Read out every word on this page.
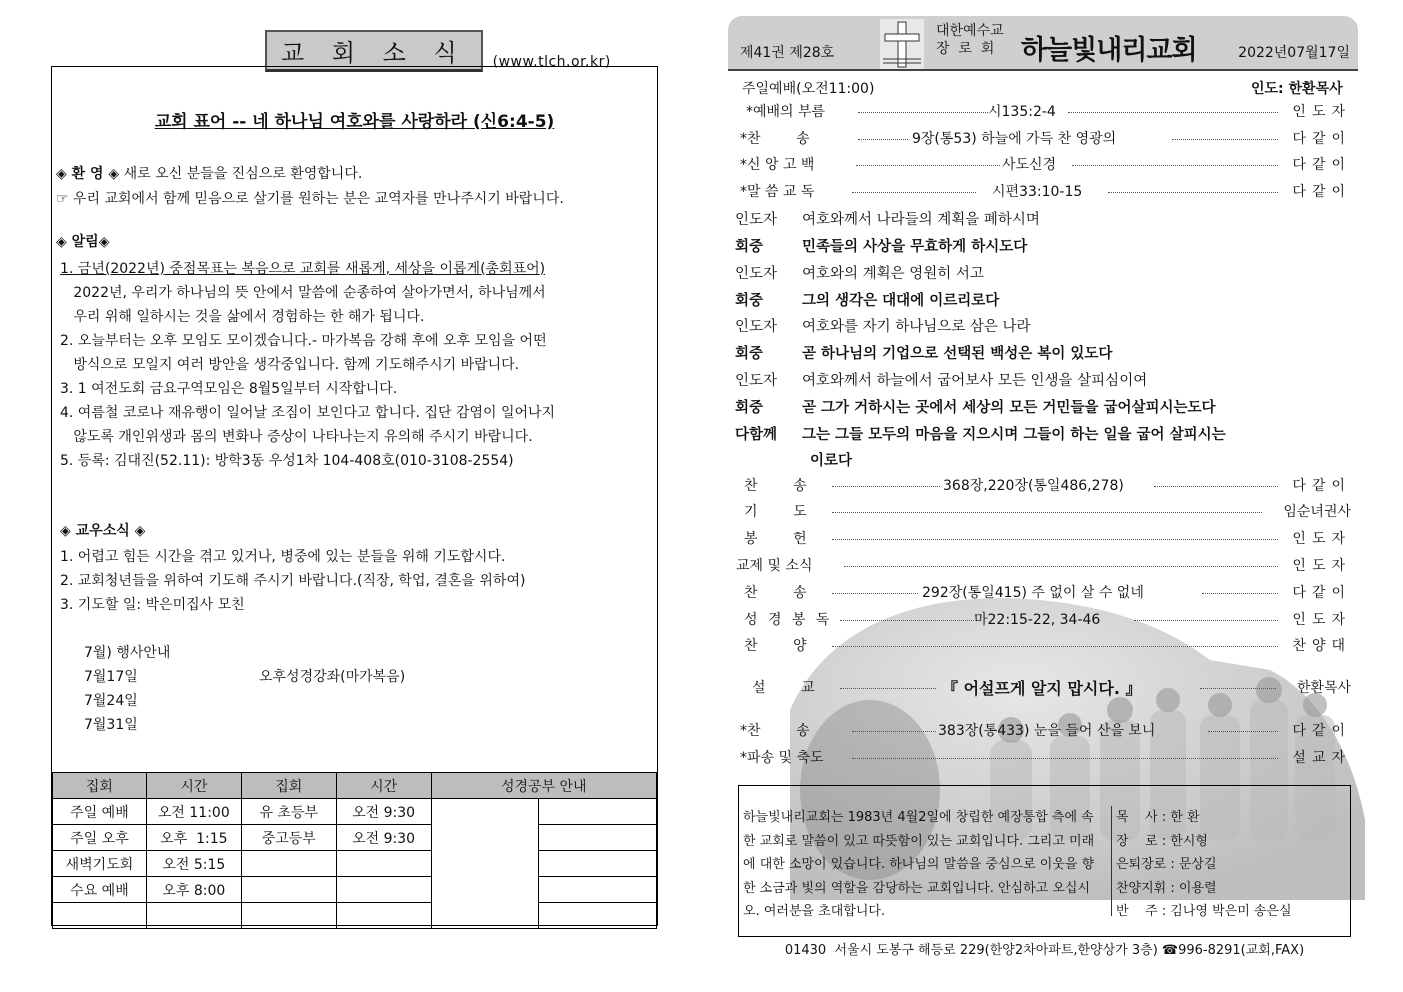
교 회 소 식	(www.tlch.or.kr)
교회 표어 -- 네 하나님 여호와를 사랑하라 (신6:4-5)
◈ 환 영 ◈ 새로 오신 분들을 진심으로 환영합니다.
☞ 우리 교회에서 함께 믿음으로 살기를 원하는 분은 교역자를 만나주시기 바랍니다.
◈ 알림◈
1. 금년(2022년) 중점목표는 복음으로 교회를 새롭게, 세상을 이롭게(총회표어)
2022년, 우리가 하나님의 뜻 안에서 말씀에 순종하여 살아가면서, 하나님께서
우리 위해 일하시는 것을 삶에서 경험하는 한 해가 됩니다.
2. 오늘부터는 오후 모임도 모이겠습니다.- 마가복음 강해 후에 오후 모임을 어떤
방식으로 모일지 여러 방안을 생각중입니다. 함께 기도해주시기 바랍니다.
3. 1 여전도회 금요구역모임은 8월5일부터 시작합니다.
4. 여름철 코로나 재유행이 일어날 조짐이 보인다고 합니다. 집단 감염이 일어나지
않도록 개인위생과 몸의 변화나 증상이 나타나는지 유의해 주시기 바랍니다.
5. 등록: 김대진(52.11): 방학3동 우성1차 104-408호(010-3108-2554)
◈ 교우소식 ◈
1. 어렵고 힘든 시간을 겪고 있거나, 병중에 있는 분들을 위해 기도합시다.
2. 교회청년들을 위하여 기도해 주시기 바랍니다.(직장, 학업, 결혼을 위하여)
3. 기도할 일: 박은미집사 모친
7월) 행사안내
7월17일	오후성경강좌(마가복음)
7월24일
7월31일
집회	시간	집회	시간	성경공부 안내	
주일 예배	오전 11:00	유 초등부	오전 9:30		
주일 오후	오후  1:15	중고등부	오전 9:30		
새벽기도회	오전 5:15				
수요 예배	오후 8:00				

제41권 제28호
대한예수교
장  로  회 하늘빛내리교회	2022년07월17일
주일예배(오전11:00)	인도: 한환목사
*예배의 부름	시135:2-4	인도자
*찬        송	9장(통53) 하늘에 가득 찬 영광의	다같이
*신 앙 고 백	사도신경	다같이
*말 씀 교 독	시편33:10-15	다같이
인도자 여호와께서 나라들의 계획을 폐하시며
회중	민족들의 사상을 무효하게 하시도다
인도자 여호와의 계획은 영원히 서고
회중	그의 생각은 대대에 이르리로다
인도자 여호와를 자기 하나님으로 삼은 나라
회중	곧 하나님의 기업으로 선택된 백성은 복이 있도다
인도자 여호와께서 하늘에서 굽어보사 모든 인생을 살피심이여
회중	곧 그가 거하시는 곳에서 세상의 모든 거민들을 굽어살피시는도다
다함께 그는 그들 모두의 마음을 지으시며 그들이 하는 일을 굽어 살피시는
이로다
찬        송	368장,220장(통일486,278)	다같이
기        도	임순녀권사
봉        헌	인도자
교제 및 소식	인도자
찬        송	292장(통일415) 주 없이 살 수 없네	다같이
성 경 봉 독	마22:15-22, 34-46	인도자
찬        양	찬양대
설        교	『 어설프게 알지 맙시다. 』	한환목사
*찬        송	383장(통433) 눈을 들어 산을 보니	다같이
*파송 및 축도	설교자
하늘빛내리교회는 1983년 4월2일에 창립한 예장통합 측에 속한 교회로 말씀이 있고 따뜻함이 있는 교회입니다. 그리고 미래에 대한 소망이 있습니다. 하나님의 말씀을 중심으로 이웃을 향한 소금과 빛의 역할을 감당하는 교회입니다. 안심하고 오십시오. 여러분을 초대합니다.
목    사 : 한 환
장    로 : 한시형
은퇴장로 : 문상길
찬양지휘 : 이용렬
반    주 : 김나영 박은미 송은실
01430  서울시 도봉구 해등로 229(한양2차아파트,한양상가 3층) ☎996-8291(교회,FAX)
